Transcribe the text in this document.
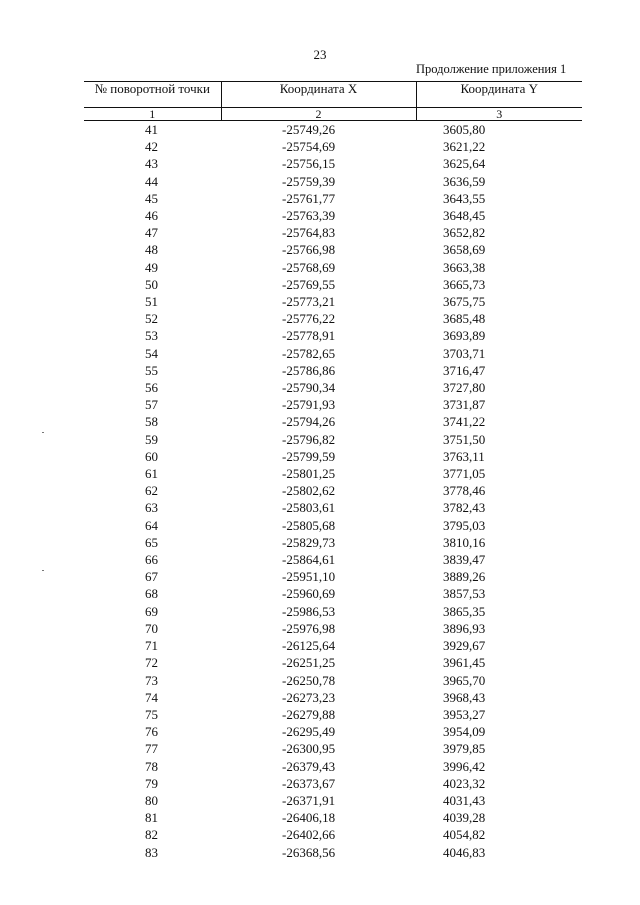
23
Продолжение приложения 1
№ поворотной точки	Координата X	Координата Y
1	2	3
41	-25749,26	3605,80
42	-25754,69	3621,22
43	-25756,15	3625,64
44	-25759,39	3636,59
45	-25761,77	3643,55
46	-25763,39	3648,45
47	-25764,83	3652,82
48	-25766,98	3658,69
49	-25768,69	3663,38
50	-25769,55	3665,73
51	-25773,21	3675,75
52	-25776,22	3685,48
53	-25778,91	3693,89
54	-25782,65	3703,71
55	-25786,86	3716,47
56	-25790,34	3727,80
57	-25791,93	3731,87
58	-25794,26	3741,22
59	-25796,82	3751,50
60	-25799,59	3763,11
61	-25801,25	3771,05
62	-25802,62	3778,46
63	-25803,61	3782,43
64	-25805,68	3795,03
65	-25829,73	3810,16
66	-25864,61	3839,47
67	-25951,10	3889,26
68	-25960,69	3857,53
69	-25986,53	3865,35
70	-25976,98	3896,93
71	-26125,64	3929,67
72	-26251,25	3961,45
73	-26250,78	3965,70
74	-26273,23	3968,43
75	-26279,88	3953,27
76	-26295,49	3954,09
77	-26300,95	3979,85
78	-26379,43	3996,42
79	-26373,67	4023,32
80	-26371,91	4031,43
81	-26406,18	4039,28
82	-26402,66	4054,82
83	-26368,56	4046,83
